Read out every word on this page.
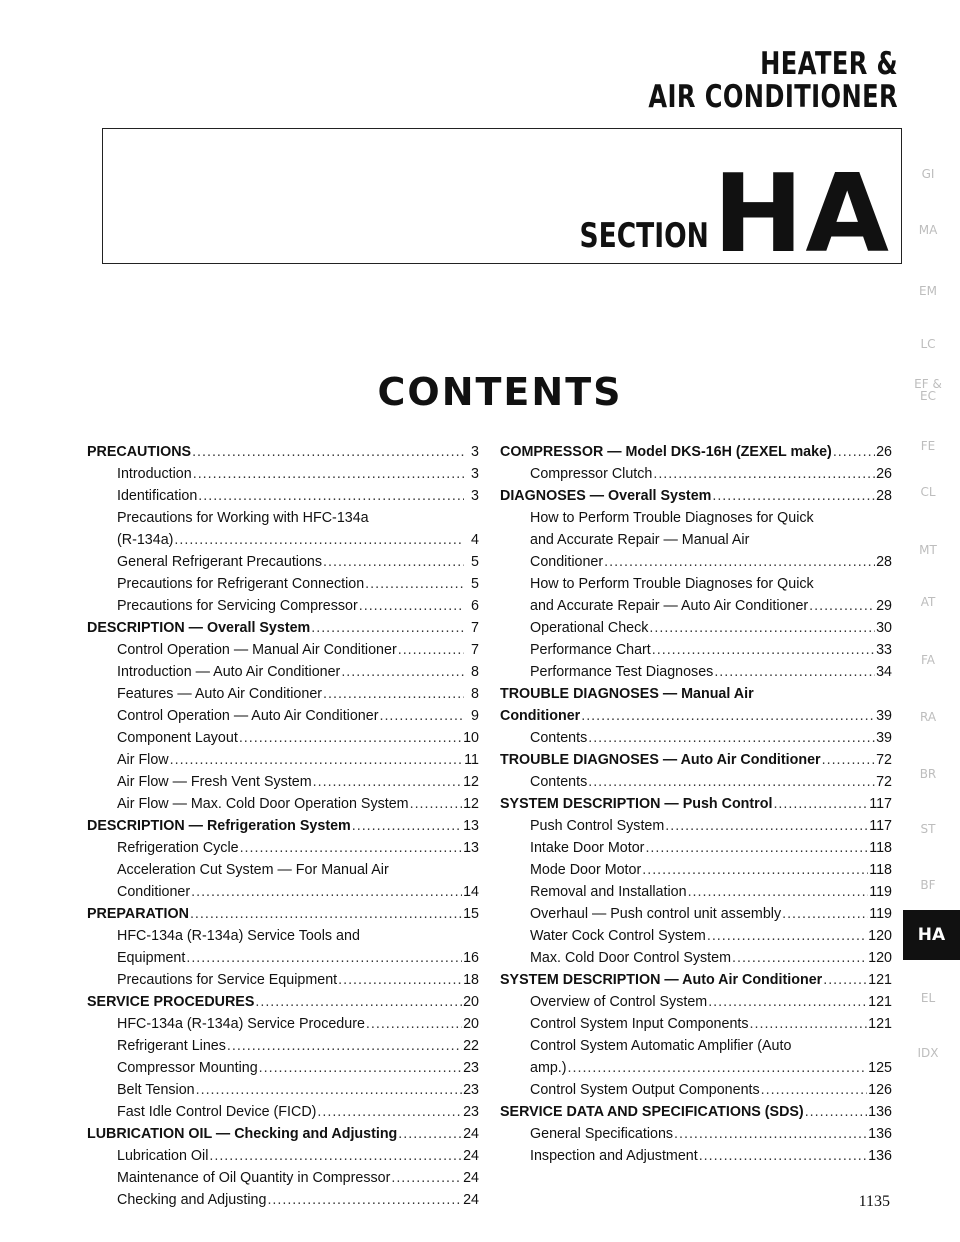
HEATER &
AIR CONDITIONER
SECTION HA
CONTENTS
PRECAUTIONS .....	3
Introduction .....	3
Identification .....	3
Precautions for Working with HFC-134a
(R-134a) .....	4
General Refrigerant Precautions .....	5
Precautions for Refrigerant Connection .....	5
Precautions for Servicing Compressor .....	6
DESCRIPTION — Overall System .....	7
Control Operation — Manual Air Conditioner .....	7
Introduction — Auto Air Conditioner .....	8
Features — Auto Air Conditioner .....	8
Control Operation — Auto Air Conditioner .....	9
Component Layout .....	10
Air Flow .....	11
Air Flow — Fresh Vent System .....	12
Air Flow — Max. Cold Door Operation System .....	12
DESCRIPTION — Refrigeration System .....	13
Refrigeration Cycle .....	13
Acceleration Cut System — For Manual Air
Conditioner .....	14
PREPARATION .....	15
HFC-134a (R-134a) Service Tools and
Equipment .....	16
Precautions for Service Equipment .....	18
SERVICE PROCEDURES .....	20
HFC-134a (R-134a) Service Procedure .....	20
Refrigerant Lines .....	22
Compressor Mounting .....	23
Belt Tension .....	23
Fast Idle Control Device (FICD) .....	23
LUBRICATION OIL — Checking and Adjusting .....	24
Lubrication Oil .....	24
Maintenance of Oil Quantity in Compressor .....	24
Checking and Adjusting .....	24
COMPRESSOR — Model DKS-16H (ZEXEL make) .....	26
Compressor Clutch .....	26
DIAGNOSES — Overall System .....	28
How to Perform Trouble Diagnoses for Quick
and Accurate Repair — Manual Air
Conditioner .....	28
How to Perform Trouble Diagnoses for Quick
and Accurate Repair — Auto Air Conditioner .....	29
Operational Check .....	30
Performance Chart .....	33
Performance Test Diagnoses .....	34
TROUBLE DIAGNOSES — Manual Air
Conditioner .....	39
Contents .....	39
TROUBLE DIAGNOSES — Auto Air Conditioner .....	72
Contents .....	72
SYSTEM DESCRIPTION — Push Control .....	117
Push Control System .....	117
Intake Door Motor .....	118
Mode Door Motor .....	118
Removal and Installation .....	119
Overhaul — Push control unit assembly .....	119
Water Cock Control System .....	120
Max. Cold Door Control System .....	120
SYSTEM DESCRIPTION — Auto Air Conditioner .....	121
Overview of Control System .....	121
Control System Input Components .....	121
Control System Automatic Amplifier (Auto
amp.) .....	125
Control System Output Components .....	126
SERVICE DATA AND SPECIFICATIONS (SDS) .....	136
General Specifications .....	136
Inspection and Adjustment .....	136
GI
MA
EM
LC
EF &
EC
FE
CL
MT
AT
FA
RA
BR
ST
BF
HA
EL
IDX
1135
